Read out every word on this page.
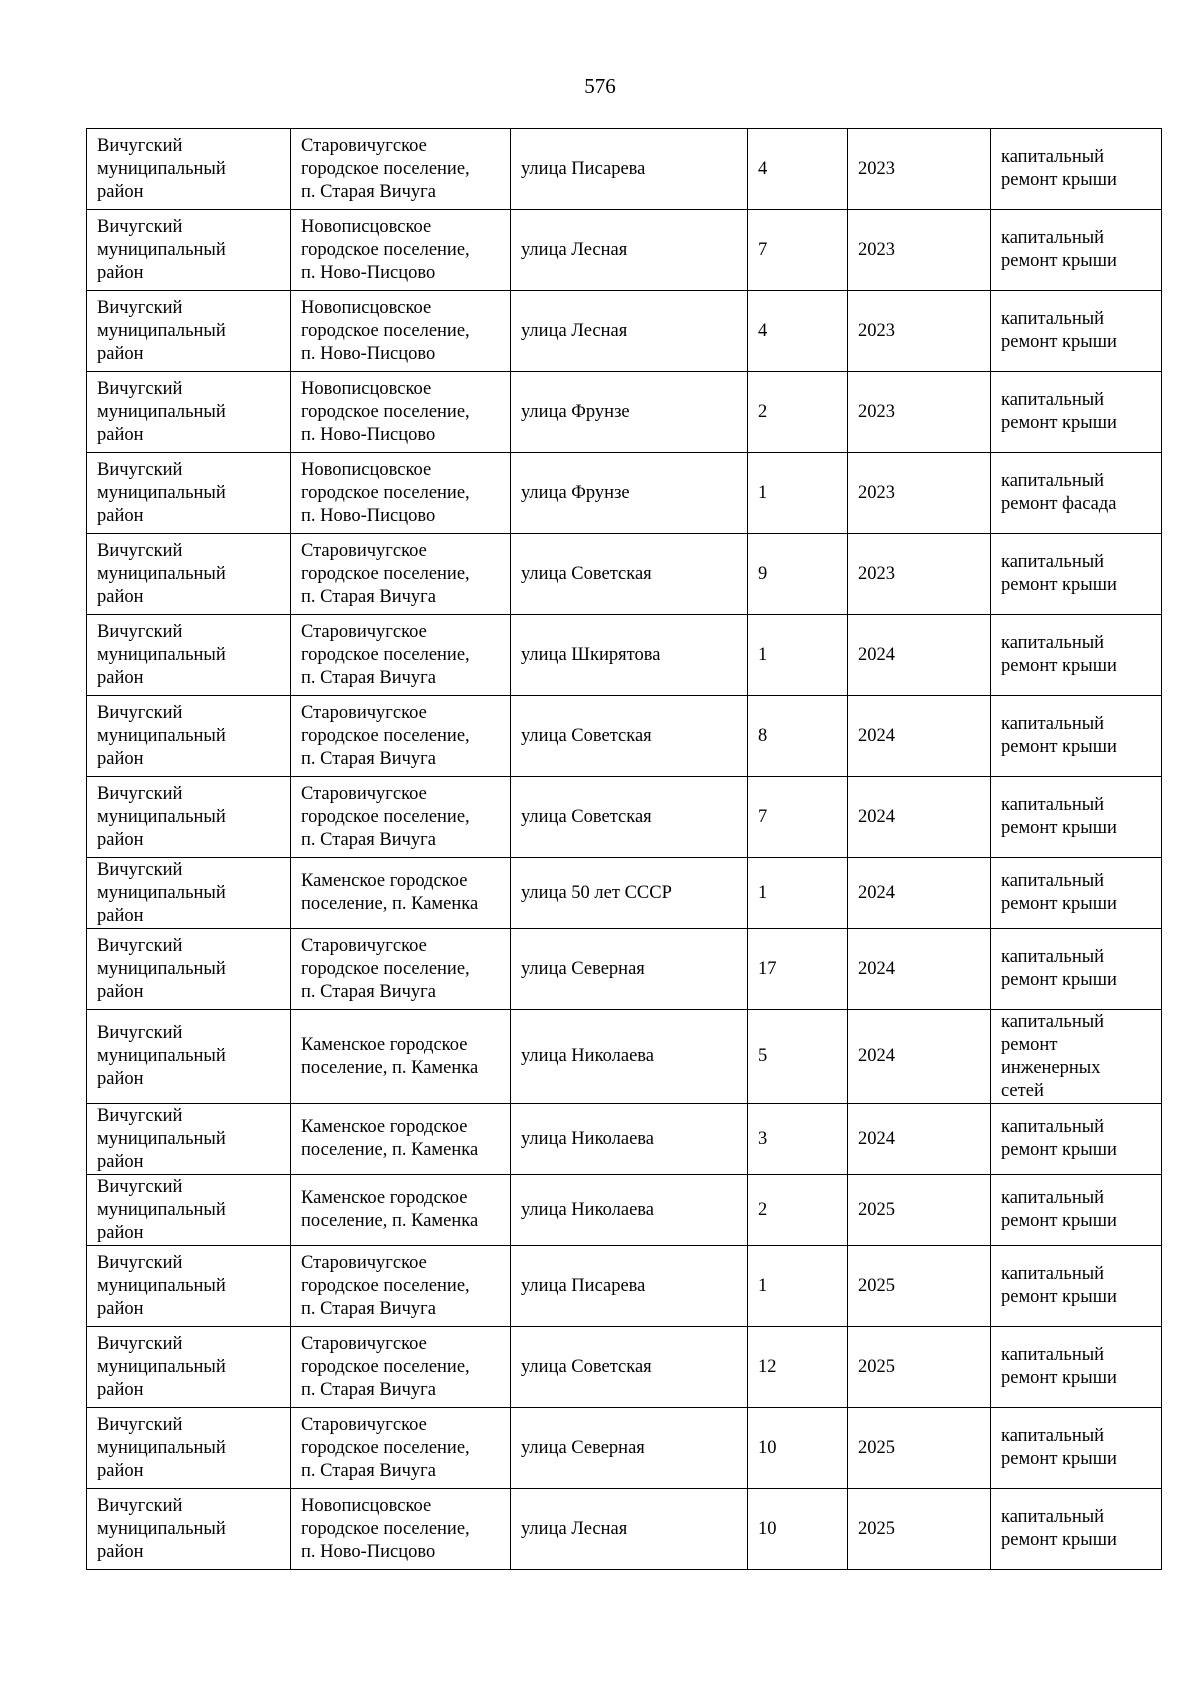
576
Вичугский
муниципальный
район	Старовичугское
городское поселение,
п. Старая Вичуга	улица Писарева	4	2023	капитальный
ремонт крыши
Вичугский
муниципальный
район	Новописцовское
городское поселение,
п. Ново-Писцово	улица Лесная	7	2023	капитальный
ремонт крыши
Вичугский
муниципальный
район	Новописцовское
городское поселение,
п. Ново-Писцово	улица Лесная	4	2023	капитальный
ремонт крыши
Вичугский
муниципальный
район	Новописцовское
городское поселение,
п. Ново-Писцово	улица Фрунзе	2	2023	капитальный
ремонт крыши
Вичугский
муниципальный
район	Новописцовское
городское поселение,
п. Ново-Писцово	улица Фрунзе	1	2023	капитальный
ремонт фасада
Вичугский
муниципальный
район	Старовичугское
городское поселение,
п. Старая Вичуга	улица Советская	9	2023	капитальный
ремонт крыши
Вичугский
муниципальный
район	Старовичугское
городское поселение,
п. Старая Вичуга	улица Шкирятова	1	2024	капитальный
ремонт крыши
Вичугский
муниципальный
район	Старовичугское
городское поселение,
п. Старая Вичуга	улица Советская	8	2024	капитальный
ремонт крыши
Вичугский
муниципальный
район	Старовичугское
городское поселение,
п. Старая Вичуга	улица Советская	7	2024	капитальный
ремонт крыши
Вичугский
муниципальный
район	Каменское городское
поселение, п. Каменка	улица 50 лет СССР	1	2024	капитальный
ремонт крыши
Вичугский
муниципальный
район	Старовичугское
городское поселение,
п. Старая Вичуга	улица Северная	17	2024	капитальный
ремонт крыши
Вичугский
муниципальный
район	Каменское городское
поселение, п. Каменка	улица Николаева	5	2024	капитальный
ремонт
инженерных
сетей
Вичугский
муниципальный
район	Каменское городское
поселение, п. Каменка	улица Николаева	3	2024	капитальный
ремонт крыши
Вичугский
муниципальный
район	Каменское городское
поселение, п. Каменка	улица Николаева	2	2025	капитальный
ремонт крыши
Вичугский
муниципальный
район	Старовичугское
городское поселение,
п. Старая Вичуга	улица Писарева	1	2025	капитальный
ремонт крыши
Вичугский
муниципальный
район	Старовичугское
городское поселение,
п. Старая Вичуга	улица Советская	12	2025	капитальный
ремонт крыши
Вичугский
муниципальный
район	Старовичугское
городское поселение,
п. Старая Вичуга	улица Северная	10	2025	капитальный
ремонт крыши
Вичугский
муниципальный
район	Новописцовское
городское поселение,
п. Ново-Писцово	улица Лесная	10	2025	капитальный
ремонт крыши
